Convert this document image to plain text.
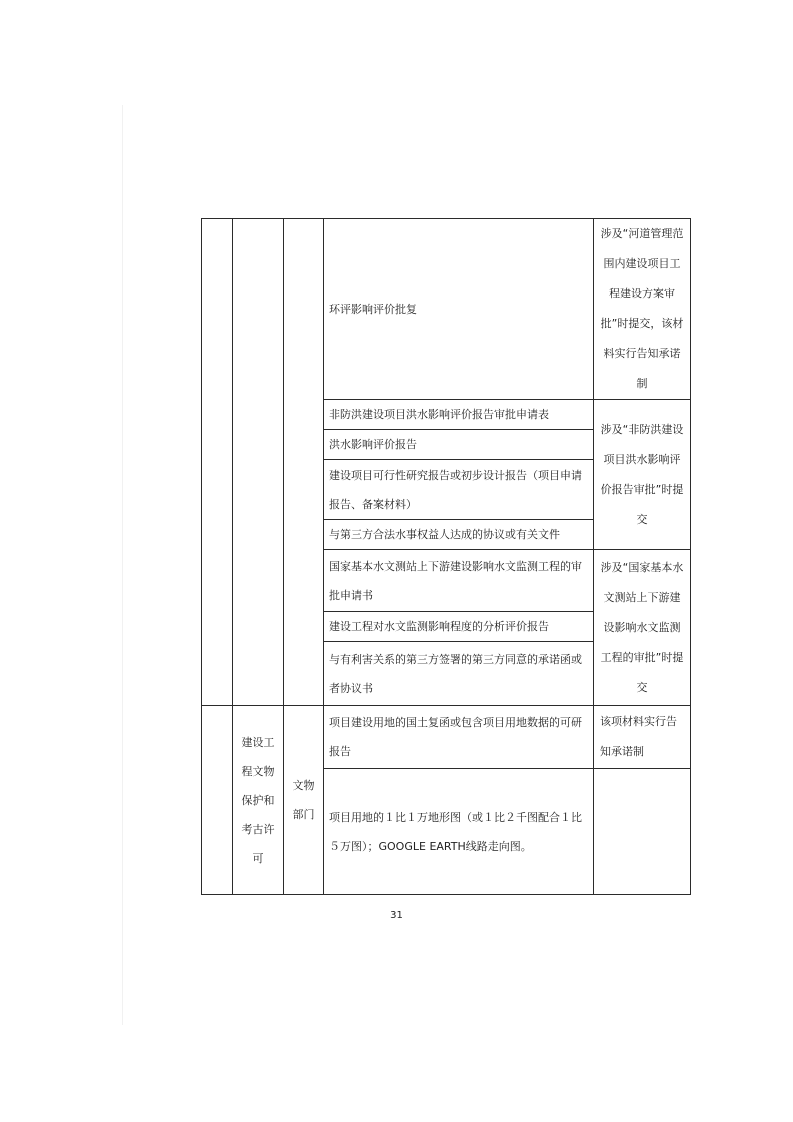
			环评影响评价批复	涉及“河道管理范围内建设项目工程建设方案审批”时提交，该材料实行告知承诺制
			非防洪建设项目洪水影响评价报告审批申请表	涉及“非防洪建设项目洪水影响评价报告审批”时提交
			洪水影响评价报告	
			建设项目可行性研究报告或初步设计报告（项目申请报告、备案材料）	
			与第三方合法水事权益人达成的协议或有关文件	
			国家基本水文测站上下游建设影响水文监测工程的审批申请书	涉及“国家基本水文测站上下游建设影响水文监测工程的审批”时提交
			建设工程对水文监测影响程度的分析评价报告	
			与有利害关系的第三方签署的第三方同意的承诺函或者协议书	
	建设工程文物保护和考古许可	文物部门	项目建设用地的国土复函或包含项目用地数据的可研报告	该项材料实行告知承诺制
			项目用地的１比１万地形图（或１比２千图配合１比５万图）；GOOGLE EARTH线路走向图。	
31
